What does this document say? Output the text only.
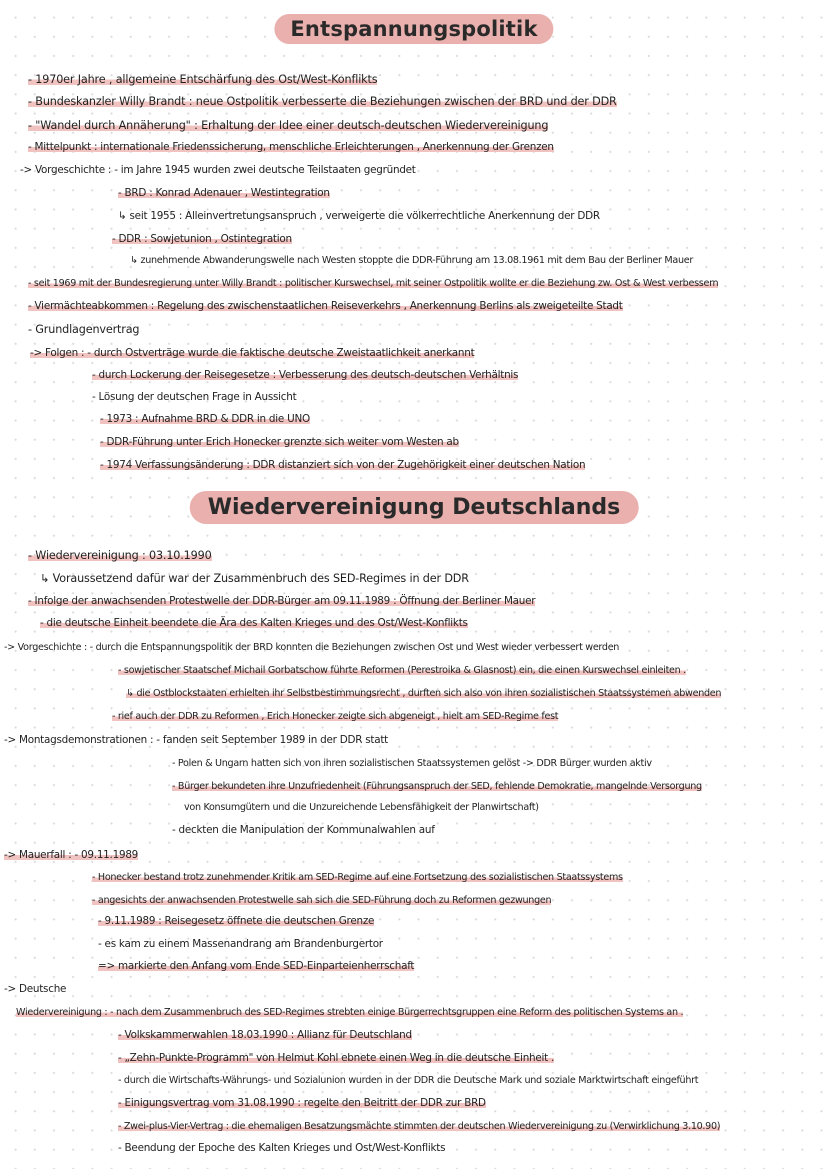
Entspannungspolitik
- 1970er Jahre , allgemeine Entschärfung des Ost/West-Konflikts
- Bundeskanzler Willy Brandt : neue Ostpolitik verbesserte die Beziehungen zwischen der BRD und der DDR
- "Wandel durch Annäherung" : Erhaltung der Idee einer deutsch-deutschen Wiedervereinigung
- Mittelpunkt : internationale Friedenssicherung, menschliche Erleichterungen , Anerkennung der Grenzen
-> Vorgeschichte : - im Jahre 1945 wurden zwei deutsche Teilstaaten gegründet
- BRD : Konrad Adenauer , Westintegration
↳ seit 1955 : Alleinvertretungsanspruch , verweigerte die völkerrechtliche Anerkennung der DDR
- DDR : Sowjetunion , Ostintegration
↳ zunehmende Abwanderungswelle nach Westen stoppte die DDR-Führung am 13.08.1961 mit dem Bau der Berliner Mauer
- seit 1969 mit der Bundesregierung unter Willy Brandt : politischer Kurswechsel, mit seiner Ostpolitik wollte er die Beziehung zw. Ost & West verbessern
- Viermächteabkommen : Regelung des zwischenstaatlichen Reiseverkehrs , Anerkennung Berlins als zweigeteilte Stadt
- Grundlagenvertrag
-> Folgen : - durch Ostverträge wurde die faktische deutsche Zweistaatlichkeit anerkannt
- durch Lockerung der Reisegesetze : Verbesserung des deutsch-deutschen Verhältnis
- Lösung der deutschen Frage in Aussicht
- 1973 : Aufnahme BRD & DDR in die UNO
- DDR-Führung unter Erich Honecker grenzte sich weiter vom Westen ab
- 1974 Verfassungsänderung : DDR distanziert sich von der Zugehörigkeit einer deutschen Nation
Wiedervereinigung Deutschlands
- Wiedervereinigung : 03.10.1990
↳ Voraussetzend dafür war der Zusammenbruch des SED-Regimes in der DDR
- Infolge der anwachsenden Protestwelle der DDR-Bürger am 09.11.1989 : Öffnung der Berliner Mauer
- die deutsche Einheit beendete die Ära des Kalten Krieges und des Ost/West-Konflikts
-> Vorgeschichte : - durch die Entspannungspolitik der BRD konnten die Beziehungen zwischen Ost und West wieder verbessert werden
- sowjetischer Staatschef Michail Gorbatschow führte Reformen (Perestroika & Glasnost) ein, die einen Kurswechsel einleiten .
↳ die Ostblockstaaten erhielten ihr Selbstbestimmungsrecht , durften sich also von ihren sozialistischen Staatssystemen abwenden
- rief auch der DDR zu Reformen , Erich Honecker zeigte sich abgeneigt , hielt am SED-Regime fest
-> Montagsdemonstrationen : - fanden seit September 1989 in der DDR statt
- Polen & Ungarn hatten sich von ihren sozialistischen Staatssystemen gelöst -> DDR Bürger wurden aktiv
- Bürger bekundeten ihre Unzufriedenheit (Führungsanspruch der SED, fehlende Demokratie, mangelnde Versorgung
von Konsumgütern und die Unzureichende Lebensfähigkeit der Planwirtschaft)
- deckten die Manipulation der Kommunalwahlen auf
-> Mauerfall : - 09.11.1989
- Honecker bestand trotz zunehmender Kritik am SED-Regime auf eine Fortsetzung des sozialistischen Staatssystems
- angesichts der anwachsenden Protestwelle sah sich die SED-Führung doch zu Reformen gezwungen
- 9.11.1989 : Reisegesetz öffnete die deutschen Grenze
- es kam zu einem Massenandrang am Brandenburgertor
=> markierte den Anfang vom Ende SED-Einparteienherrschaft
-> Deutsche
Wiedervereinigung : - nach dem Zusammenbruch des SED-Regimes strebten einige Bürgerrechtsgruppen eine Reform des politischen Systems an .
- Volkskammerwahlen 18.03.1990 : Allianz für Deutschland
- „Zehn-Punkte-Programm" von Helmut Kohl ebnete einen Weg in die deutsche Einheit .
- durch die Wirtschafts-Währungs- und Sozialunion wurden in der DDR die Deutsche Mark und soziale Marktwirtschaft eingeführt
- Einigungsvertrag vom 31.08.1990 : regelte den Beitritt der DDR zur BRD
- Zwei-plus-Vier-Vertrag : die ehemaligen Besatzungsmächte stimmten der deutschen Wiedervereinigung zu (Verwirklichung 3.10.90)
- Beendung der Epoche des Kalten Krieges und Ost/West-Konflikts
